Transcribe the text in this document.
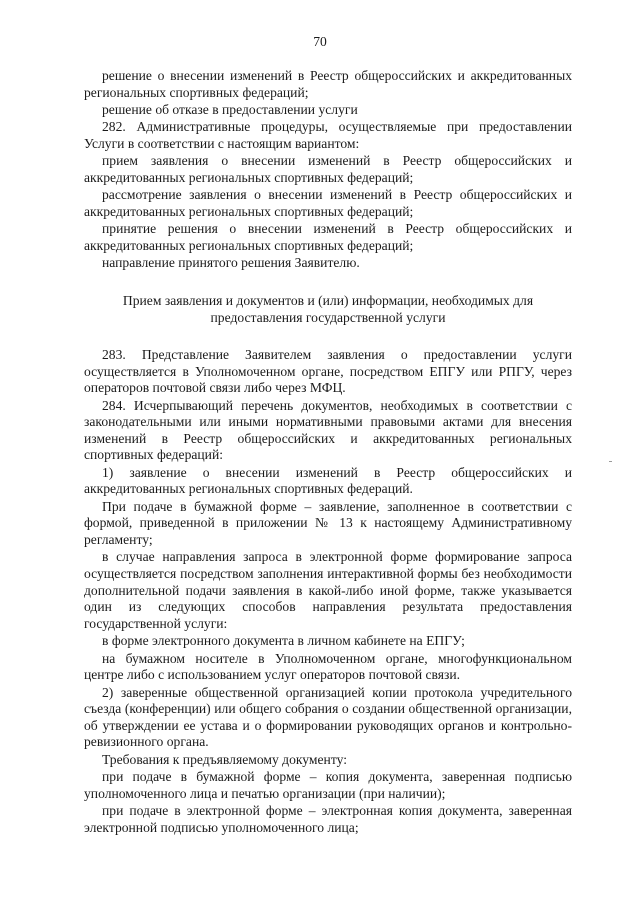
70

решение о внесении изменений в Реестр общероссийских и аккредитованных региональных спортивных федераций;

решение об отказе в предоставлении услуги

282. Административные процедуры, осуществляемые при предоставлении Услуги в соответствии с настоящим вариантом:

прием заявления о внесении изменений в Реестр общероссийских и аккредитованных региональных спортивных федераций;

рассмотрение заявления о внесении изменений в Реестр общероссийских и аккредитованных региональных спортивных федераций;

принятие решения о внесении изменений в Реестр общероссийских и аккредитованных региональных спортивных федераций;

направление принятого решения Заявителю.

Прием заявления и документов и (или) информации, необходимых для
предоставления государственной услуги

283. Представление Заявителем заявления о предоставлении услуги осуществляется в Уполномоченном органе, посредством ЕПГУ или РПГУ, через операторов почтовой связи либо через МФЦ.

284. Исчерпывающий перечень документов, необходимых в соответствии с законодательными или иными нормативными правовыми актами для внесения изменений в Реестр общероссийских и аккредитованных региональных спортивных федераций:

1) заявление о внесении изменений в Реестр общероссийских и аккредитованных региональных спортивных федераций.

При подаче в бумажной форме – заявление, заполненное в соответствии с формой, приведенной в приложении № 13 к настоящему Административному регламенту;

в случае направления запроса в электронной форме формирование запроса осуществляется посредством заполнения интерактивной формы без необходимости дополнительной подачи заявления в какой-либо иной форме, также указывается один из следующих способов направления результата предоставления государственной услуги:

в форме электронного документа в личном кабинете на ЕПГУ;

на бумажном носителе в Уполномоченном органе, многофункциональном центре либо с использованием услуг операторов почтовой связи.

2) заверенные общественной организацией копии протокола учредительного съезда (конференции) или общего собрания о создании общественной организации, об утверждении ее устава и о формировании руководящих органов и контрольно-ревизионного органа.

Требования к предъявляемому документу:

при подаче в бумажной форме – копия документа, заверенная подписью уполномоченного лица и печатью организации (при наличии);

при подаче в электронной форме – электронная копия документа, заверенная электронной подписью уполномоченного лица;
